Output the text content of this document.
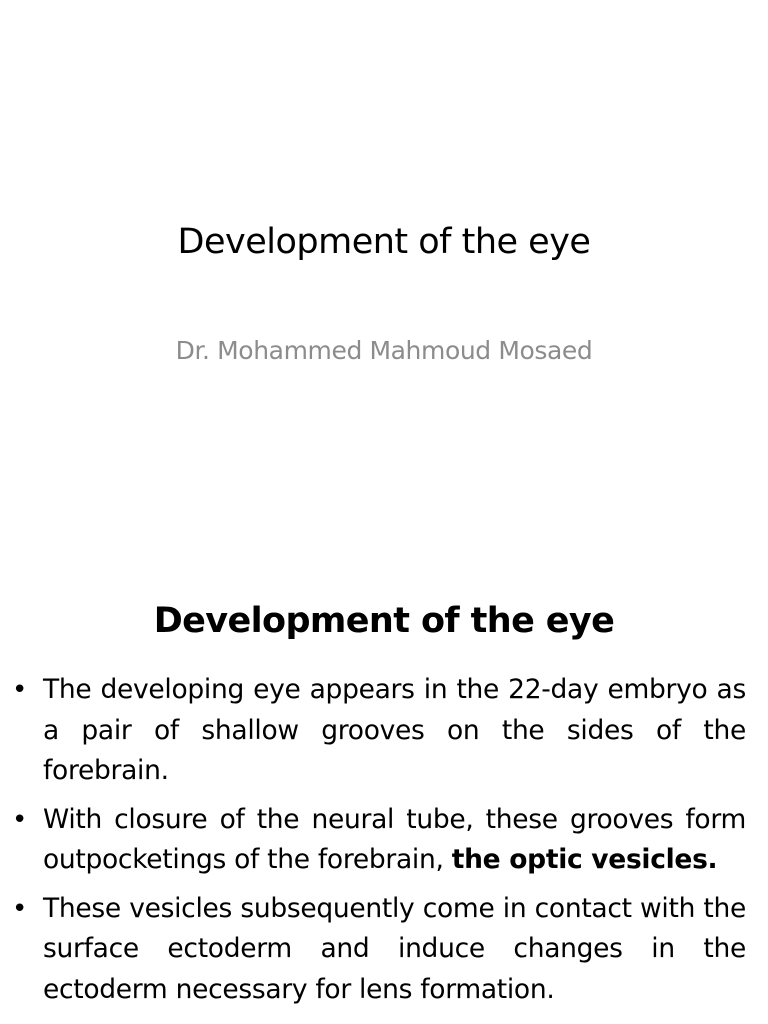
Development of the eye
Dr. Mohammed Mahmoud Mosaed
Development of the eye
• The developing eye appears in the 22-day embryo as a pair of shallow grooves on the sides of the forebrain.
• With closure of the neural tube, these grooves form outpocketings of the forebrain, the optic vesicles.
• These vesicles subsequently come in contact with the surface ectoderm and induce changes in the ectoderm necessary for lens formation.
